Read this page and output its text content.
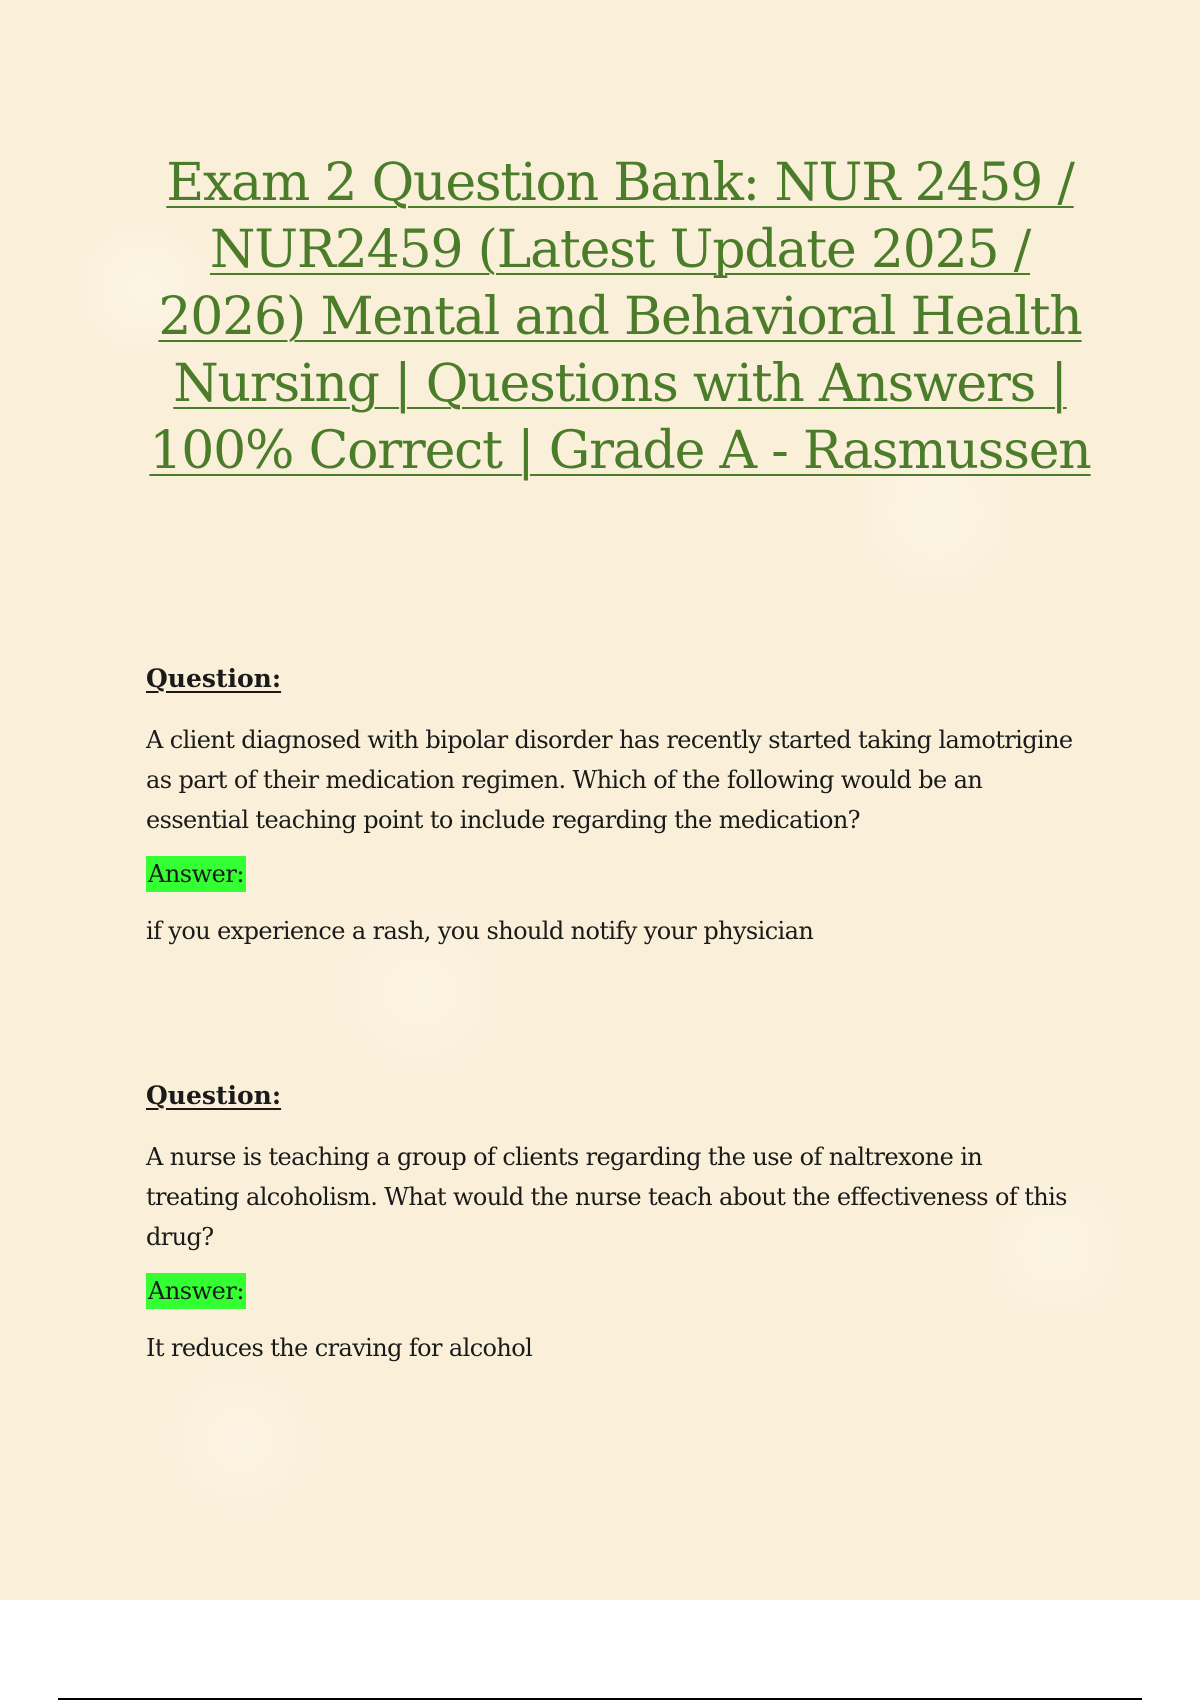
Exam 2 Question Bank: NUR 2459 / NUR2459 (Latest Update 2025 / 2026) Mental and Behavioral Health Nursing | Questions with Answers | 100% Correct | Grade A - Rasmussen
Question:

A client diagnosed with bipolar disorder has recently started taking lamotrigine as part of their medication regimen. Which of the following would be an essential teaching point to include regarding the medication?

Answer:

if you experience a rash, you should notify your physician

Question:

A nurse is teaching a group of clients regarding the use of naltrexone in treating alcoholism. What would the nurse teach about the effectiveness of this drug?

Answer:

It reduces the craving for alcohol
